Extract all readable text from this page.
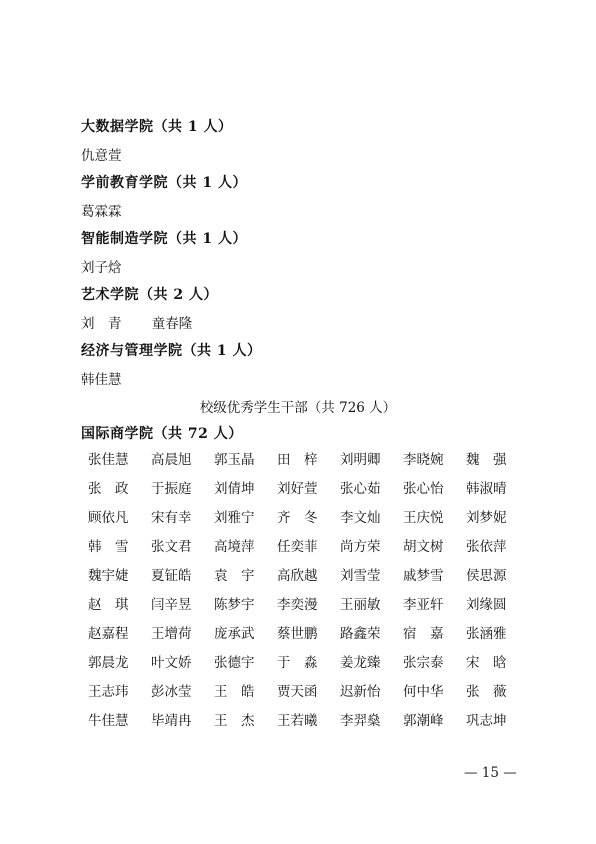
大数据学院（共 1 人）
仇意萱
学前教育学院（共 1 人）
葛霖霖
智能制造学院（共 1 人）
刘子焓
艺术学院（共 2 人）
刘　青 童春隆
经济与管理学院（共 1 人）
韩佳慧
校级优秀学生干部（共 726 人）
国际商学院（共 72 人）
张佳慧	高晨旭	郭玉晶	田　梓	刘明卿	李晓婉	魏　强
张　政	于振庭	刘倩坤	刘好萱	张心茹	张心怡	韩淑晴
顾依凡	宋有幸	刘雅宁	齐　冬	李文灿	王庆悦	刘梦妮
韩　雪	张文君	高境萍	任奕菲	尚方荣	胡文树	张依萍
魏宇婕	夏钲皓	袁　宇	高欣越	刘雪莹	戚梦雪	侯思源
赵　琪	闫辛昱	陈梦宇	李奕漫	王丽敏	李亚轩	刘缘圆
赵嘉程	王增荷	庞承武	蔡世鹏	路鑫荣	宿　嘉	张涵雅
郭晨龙	叶文娇	张德宇	于　淼	姜龙臻	张宗泰	宋　晗
王志玮	彭冰莹	王　皓	贾天函	迟新怡	何中华	张　薇
牛佳慧	毕靖冉	王　杰	王若曦	李羿燊	郭潮峰	巩志坤
— 15 —
